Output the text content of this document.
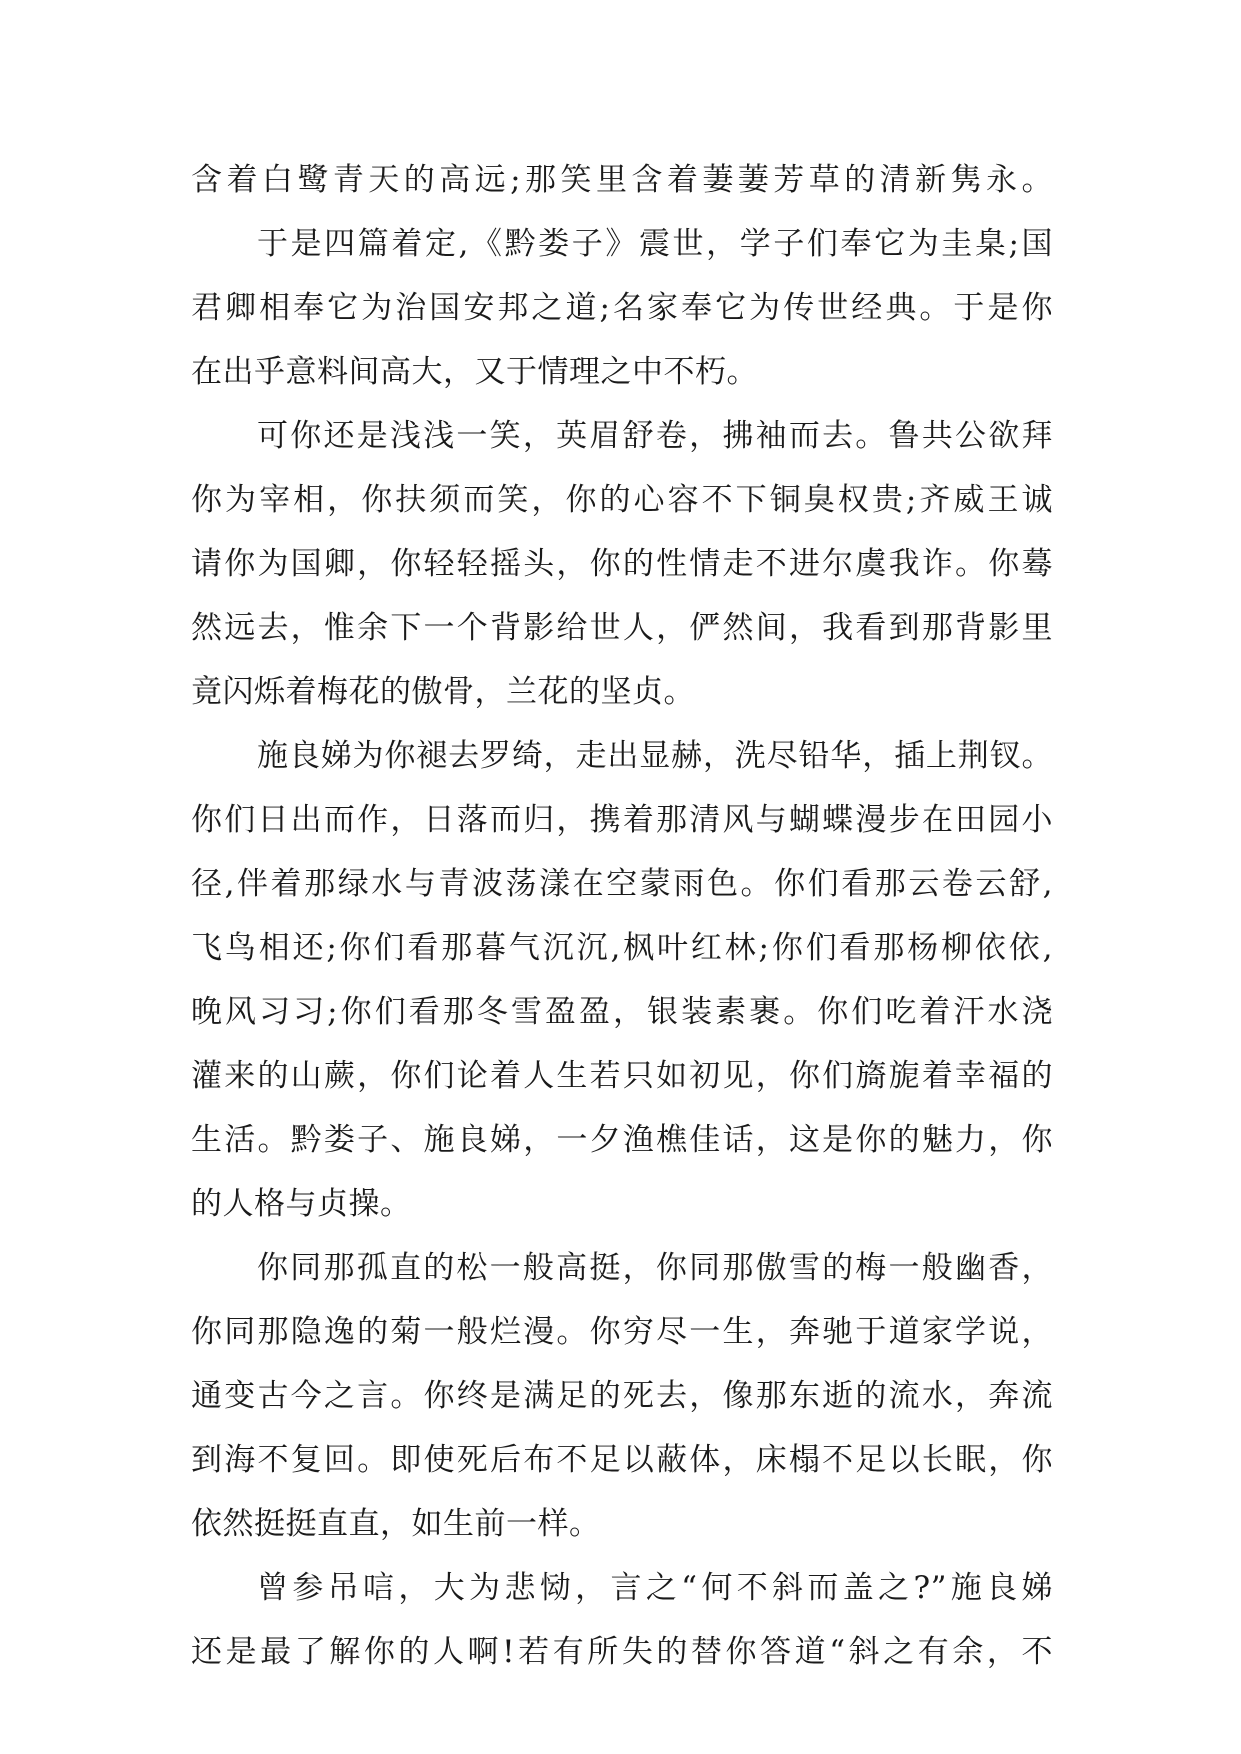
含着白鹭青天的高远;那笑里含着萋萋芳草的清新隽永。
于是四篇着定,《黔娄子》震世，学子们奉它为圭臬;国
君卿相奉它为治国安邦之道;名家奉它为传世经典。于是你
在出乎意料间高大，又于情理之中不朽。
可你还是浅浅一笑，英眉舒卷，拂袖而去。鲁共公欲拜
你为宰相，你扶须而笑，你的心容不下铜臭权贵;齐威王诚
请你为国卿，你轻轻摇头，你的性情走不进尔虞我诈。你蓦
然远去，惟余下一个背影给世人，俨然间，我看到那背影里
竟闪烁着梅花的傲骨，兰花的坚贞。
施良娣为你褪去罗绮，走出显赫，洗尽铅华，插上荆钗。
你们日出而作，日落而归，携着那清风与蝴蝶漫步在田园小
径,伴着那绿水与青波荡漾在空蒙雨色。你们看那云卷云舒,
飞鸟相还;你们看那暮气沉沉,枫叶红林;你们看那杨柳依依,
晚风习习;你们看那冬雪盈盈，银装素裹。你们吃着汗水浇
灌来的山蕨，你们论着人生若只如初见，你们旖旎着幸福的
生活。黔娄子、施良娣，一夕渔樵佳话，这是你的魅力，你
的人格与贞操。
你同那孤直的松一般高挺，你同那傲雪的梅一般幽香，
你同那隐逸的菊一般烂漫。你穷尽一生，奔驰于道家学说，
通变古今之言。你终是满足的死去，像那东逝的流水，奔流
到海不复回。即使死后布不足以蔽体，床榻不足以长眠，你
依然挺挺直直，如生前一样。
曾参吊唁，大为悲恸，言之“何不斜而盖之?”施良娣
还是最了解你的人啊!若有所失的替你答道“斜之有余，不
